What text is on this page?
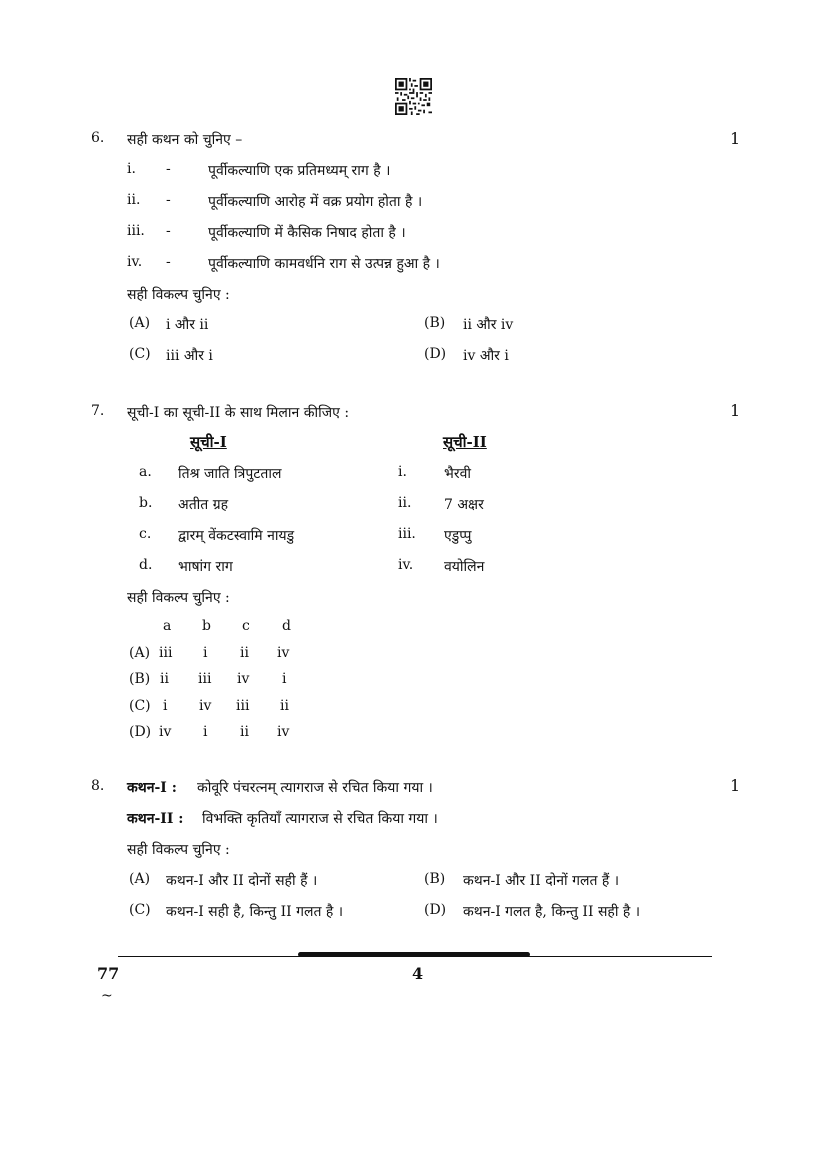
6. सही कथन को चुनिए –	1
i. -	पूर्वीकल्याणि एक प्रतिमध्यम् राग है ।
ii. -	पूर्वीकल्याणि आरोह में वक्र प्रयोग होता है ।
iii. -	पूर्वीकल्याणि में कैसिक निषाद होता है ।
iv. -	पूर्वीकल्याणि कामवर्धनि राग से उत्पन्न हुआ है ।
सही विकल्प चुनिए :
(A) i और ii	(B) ii और iv
(C) iii और i	(D) iv और i
7. सूची-I का सूची-II के साथ मिलान कीजिए :	1
सूची-I	सूची-II
a. तिश्र जाति त्रिपुटताल	i.	भैरवी
b. अतीत ग्रह	ii. 7 अक्षर
c. द्वारम् वेंकटस्वामि नायडु	iii. एडुप्पु
d. भाषांग राग	iv. वयोलिन
सही विकल्प चुनिए :
a b c d
(A) iii i ii iv
(B) ii iii iv i
(C) i iv iii ii
(D) iv i ii iv
8. कथन-I : कोवूरि पंचरत्नम् त्यागराज से रचित किया गया ।	1
कथन-II : विभक्ति कृतियाँ त्यागराज से रचित किया गया ।
सही विकल्प चुनिए :
(A) कथन-I और II दोनों सही हैं ।	(B) कथन-I और II दोनों गलत हैं ।
(C) कथन-I सही है, किन्तु II गलत है ।	(D) कथन-I गलत है, किन्तु II सही है ।
77	4
~
